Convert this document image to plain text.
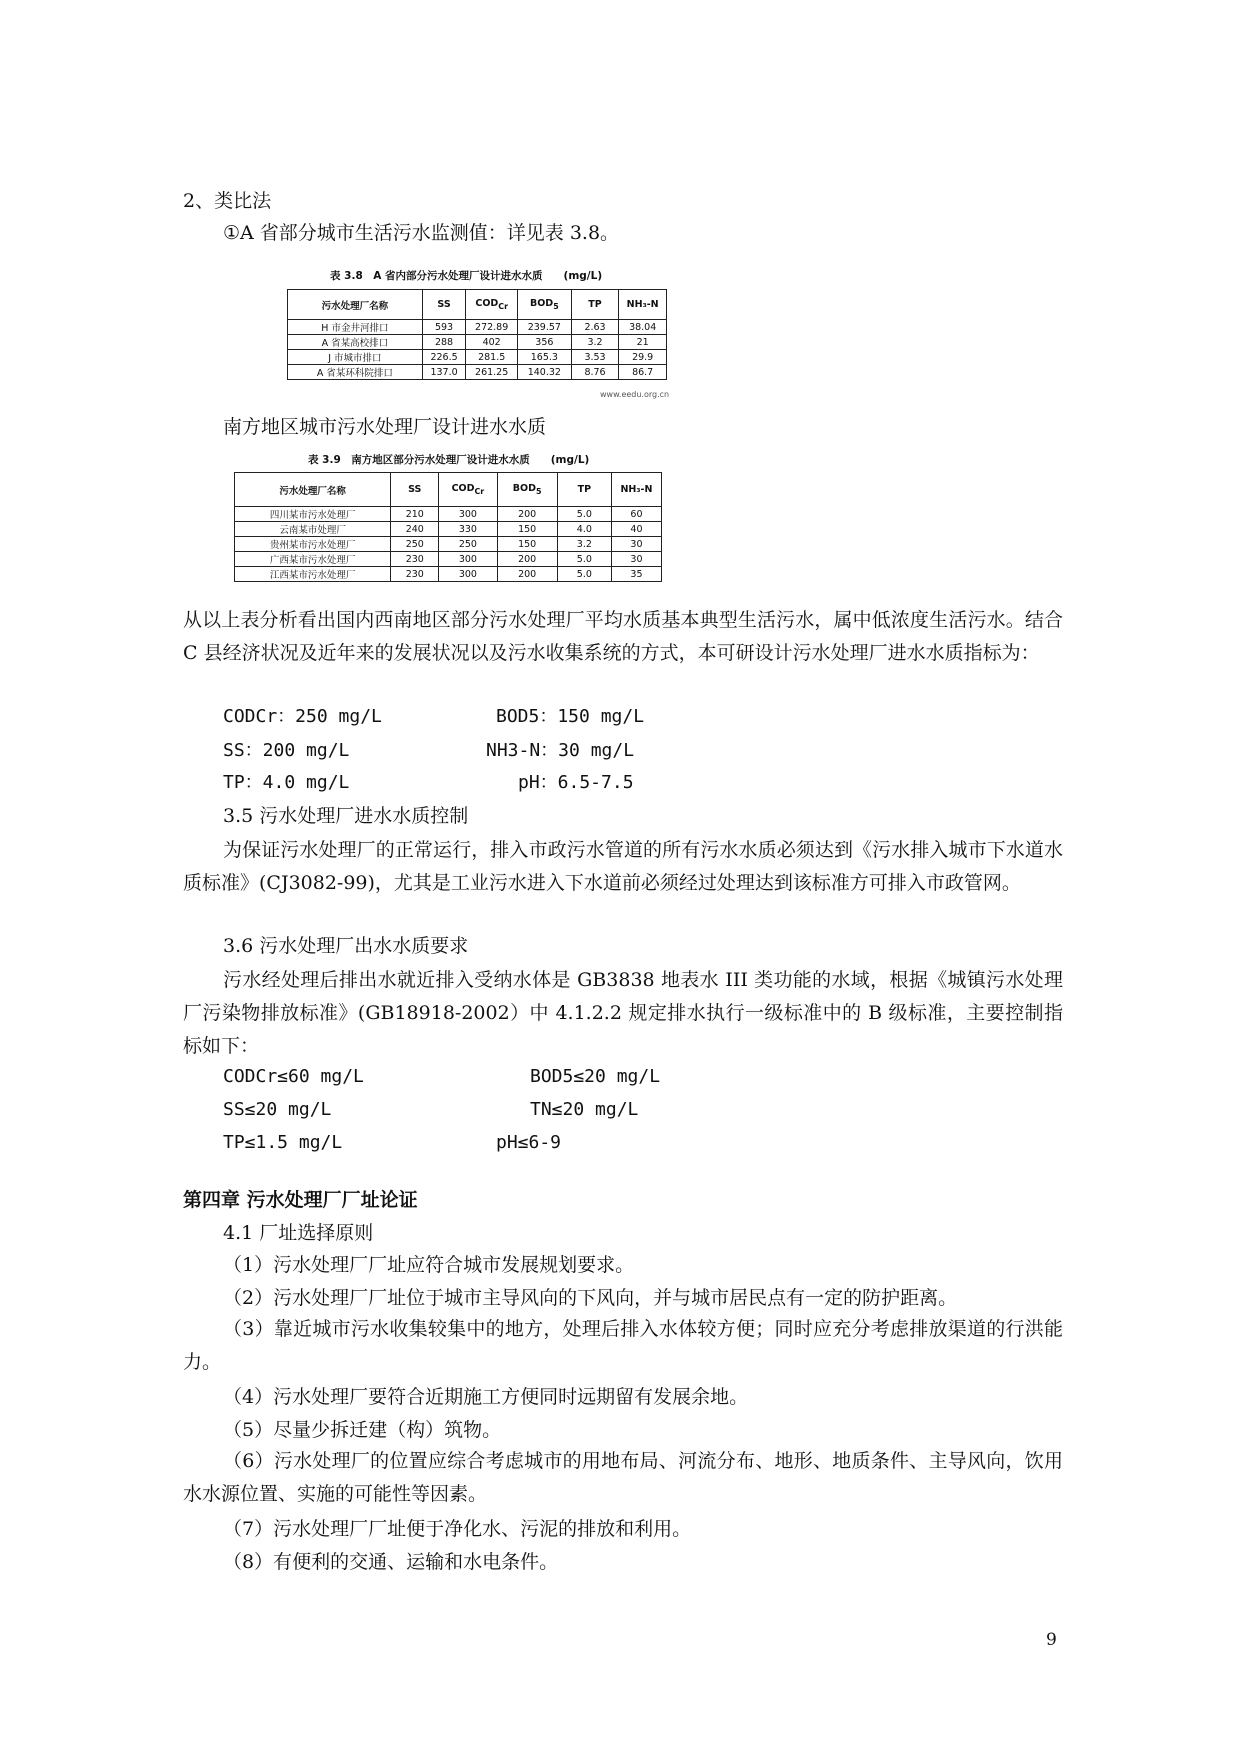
2、类比法
①A 省部分城市生活污水监测值：详见表 3.8。
表 3.8　A 省内部分污水处理厂设计进水水质　　(mg/L)
污水处理厂名称	SS	$COD_{Cr}$	$BOD_5$	TP	NH₃-N
H 市金井河排口	593	272.89	239.57	2.63	38.04
A 省某高校排口	288	402	356	3.2	21
J 市城市排口	226.5	281.5	165.3	3.53	29.9
A 省某环科院排口	137.0	261.25	140.32	8.76	86.7
www.eedu.org.cn
南方地区城市污水处理厂设计进水水质
表 3.9　南方地区部分污水处理厂设计进水水质　　(mg/L)
污水处理厂名称	SS	$COD_{Cr}$	$BOD_5$	TP	NH₃-N
四川某市污水处理厂	210	300	200	5.0	60
云南某市处理厂	240	330	150	4.0	40
贵州某市污水处理厂	250	250	150	3.2	30
广西某市污水处理厂	230	300	200	5.0	30
江西某市污水处理厂	230	300	200	5.0	35
从以上表分析看出国内西南地区部分污水处理厂平均水质基本典型生活污水，属中低浓度生活污水。结合 C 县经济状况及近年来的发展状况以及污水收集系统的方式，本可研设计污水处理厂进水水质指标为：
CODCr：250 mg/L	BOD5：150 mg/L
SS：200 mg/L	NH3-N：30 mg/L
TP：4.0 mg/L	pH：6.5-7.5
3.5 污水处理厂进水水质控制
为保证污水处理厂的正常运行，排入市政污水管道的所有污水水质必须达到《污水排入城市下水道水质标准》(CJ3082-99)，尤其是工业污水进入下水道前必须经过处理达到该标准方可排入市政管网。
3.6 污水处理厂出水水质要求
污水经处理后排出水就近排入受纳水体是 GB3838 地表水 III 类功能的水域，根据《城镇污水处理厂污染物排放标准》(GB18918-2002）中 4.1.2.2 规定排水执行一级标准中的 B 级标准，主要控制指标如下：
CODCr≤60 mg/L	BOD5≤20 mg/L
SS≤20 mg/L	TN≤20 mg/L
TP≤1.5 mg/L	pH≤6-9
第四章 污水处理厂厂址论证
4.1 厂址选择原则
（1）污水处理厂厂址应符合城市发展规划要求。
（2）污水处理厂厂址位于城市主导风向的下风向，并与城市居民点有一定的防护距离。
（3）靠近城市污水收集较集中的地方，处理后排入水体较方便；同时应充分考虑排放渠道的行洪能力。
（4）污水处理厂要符合近期施工方便同时远期留有发展余地。
（5）尽量少拆迁建（构）筑物。
（6）污水处理厂的位置应综合考虑城市的用地布局、河流分布、地形、地质条件、主导风向，饮用水水源位置、实施的可能性等因素。
（7）污水处理厂厂址便于净化水、污泥的排放和利用。
（8）有便利的交通、运输和水电条件。
9
